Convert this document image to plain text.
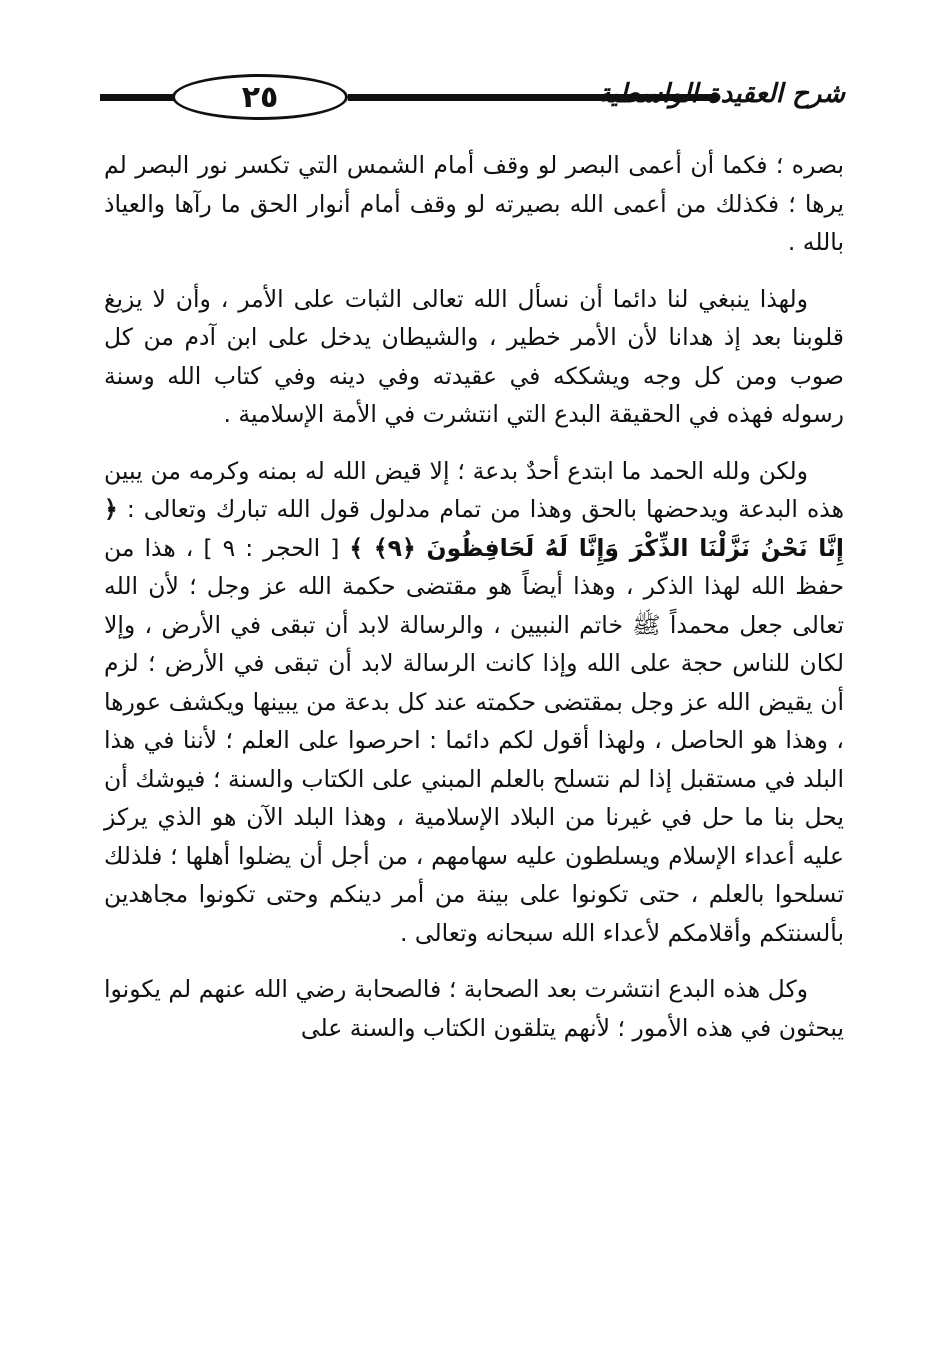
٢٥	شرح العقيدة الواسطية

بصره ؛ فكما أن أعمى البصر لو وقف أمام الشمس التي تكسر نور البصر لم يرها ؛ فكذلك من أعمى الله بصيرته لو وقف أمام أنوار الحق ما رآها والعياذ بالله .

ولهذا ينبغي لنا دائما أن نسأل الله تعالى الثبات على الأمر ، وأن لا يزيغ قلوبنا بعد إذ هدانا لأن الأمر خطير ، والشيطان يدخل على ابن آدم من كل صوب ومن كل وجه ويشككه في عقيدته وفي دينه وفي كتاب الله وسنة رسوله فهذه في الحقيقة البدع التي انتشرت في الأمة الإسلامية .

ولكن ولله الحمد ما ابتدع أحدٌ بدعة ؛ إلا قيض الله له بمنه وكرمه من يبين هذه البدعة ويدحضها بالحق وهذا من تمام مدلول قول الله تبارك وتعالى : ﴿ إِنَّا نَحْنُ نَزَّلْنَا الذِّكْرَ وَإِنَّا لَهُ لَحَافِظُونَ ﴿٩﴾ ﴾ [ الحجر : ٩ ] ، هذا من حفظ الله لهذا الذكر ، وهذا أيضاً هو مقتضى حكمة الله عز وجل ؛ لأن الله تعالى جعل محمداً ﷺ خاتم النبيين ، والرسالة لابد أن تبقى في الأرض ، وإلا لكان للناس حجة على الله وإذا كانت الرسالة لابد أن تبقى في الأرض ؛ لزم أن يقيض الله عز وجل بمقتضى حكمته عند كل بدعة من يبينها ويكشف عورها ، وهذا هو الحاصل ، ولهذا أقول لكم دائما : احرصوا على العلم ؛ لأننا في هذا البلد في مستقبل إذا لم نتسلح بالعلم المبني على الكتاب والسنة ؛ فيوشك أن يحل بنا ما حل في غيرنا من البلاد الإسلامية ، وهذا البلد الآن هو الذي يركز عليه أعداء الإسلام ويسلطون عليه سهامهم ، من أجل أن يضلوا أهلها ؛ فلذلك تسلحوا بالعلم ، حتى تكونوا على بينة من أمر دينكم وحتى تكونوا مجاهدين بألسنتكم وأقلامكم لأعداء الله سبحانه وتعالى .

وكل هذه البدع انتشرت بعد الصحابة ؛ فالصحابة رضي الله عنهم لم يكونوا يبحثون في هذه الأمور ؛ لأنهم يتلقون الكتاب والسنة على
